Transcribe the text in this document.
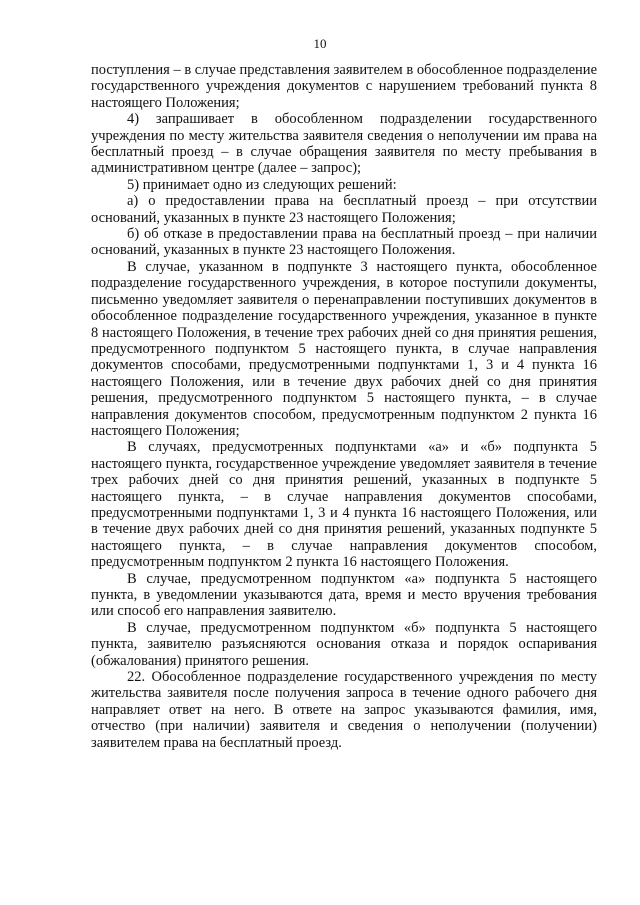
10

поступления – в случае представления заявителем в обособленное подразделение государственного учреждения документов с нарушением требований пункта 8 настоящего Положения;

4) запрашивает в обособленном подразделении государственного учреждения по месту жительства заявителя сведения о неполучении им права на бесплатный проезд – в случае обращения заявителя по месту пребывания в административном центре (далее – запрос);

5) принимает одно из следующих решений:

а) о предоставлении права на бесплатный проезд – при отсутствии оснований, указанных в пункте 23 настоящего Положения;

б) об отказе в предоставлении права на бесплатный проезд – при наличии оснований, указанных в пункте 23 настоящего Положения.

В случае, указанном в подпункте 3 настоящего пункта, обособленное подразделение государственного учреждения, в которое поступили документы, письменно уведомляет заявителя о перенаправлении поступивших документов в обособленное подразделение государственного учреждения, указанное в пункте 8 настоящего Положения, в течение трех рабочих дней со дня принятия решения, предусмотренного подпунктом 5 настоящего пункта, в случае направления документов способами, предусмотренными подпунктами 1, 3 и 4 пункта 16 настоящего Положения, или в течение двух рабочих дней со дня принятия решения, предусмотренного подпунктом 5 настоящего пункта, – в случае направления документов способом, предусмотренным подпунктом 2 пункта 16 настоящего Положения;

В случаях, предусмотренных подпунктами «а» и «б» подпункта 5 настоящего пункта, государственное учреждение уведомляет заявителя в течение трех рабочих дней со дня принятия решений, указанных в подпункте 5 настоящего пункта, – в случае направления документов способами, предусмотренными подпунктами 1, 3 и 4 пункта 16 настоящего Положения, или в течение двух рабочих дней со дня принятия решений, указанных подпункте 5 настоящего пункта, – в случае направления документов способом, предусмотренным подпунктом 2 пункта 16 настоящего Положения.

В случае, предусмотренном подпунктом «а» подпункта 5 настоящего пункта, в уведомлении указываются дата, время и место вручения требования или способ его направления заявителю.

В случае, предусмотренном подпунктом «б» подпункта 5 настоящего пункта, заявителю разъясняются основания отказа и порядок оспаривания (обжалования) принятого решения.

22. Обособленное подразделение государственного учреждения по месту жительства заявителя после получения запроса в течение одного рабочего дня направляет ответ на него. В ответе на запрос указываются фамилия, имя, отчество (при наличии) заявителя и сведения о неполучении (получении) заявителем права на бесплатный проезд.
